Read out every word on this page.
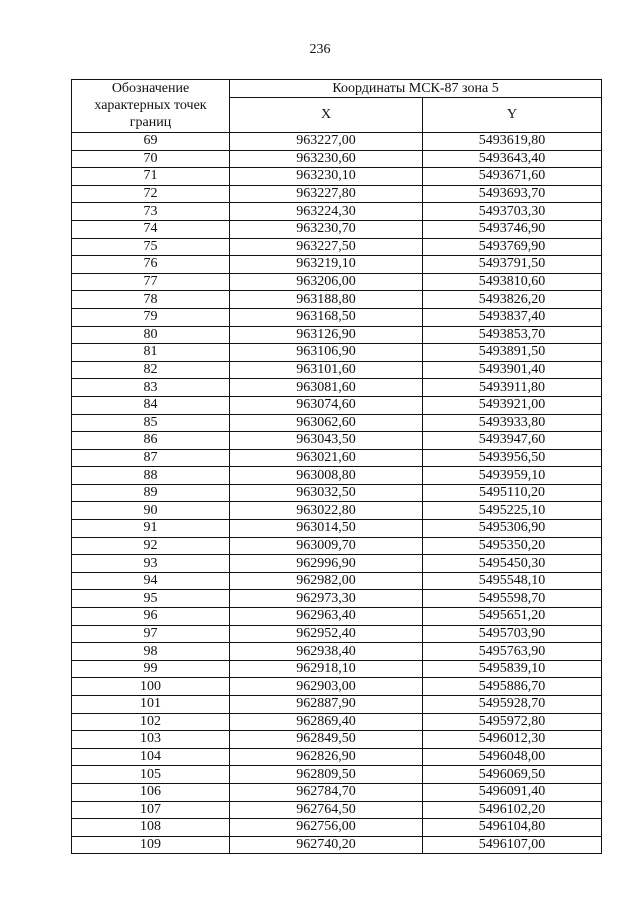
236
Обозначение
характерных точек
границ	Координаты МСК-87 зона 5	
	X	Y
69	963227,00	5493619,80
70	963230,60	5493643,40
71	963230,10	5493671,60
72	963227,80	5493693,70
73	963224,30	5493703,30
74	963230,70	5493746,90
75	963227,50	5493769,90
76	963219,10	5493791,50
77	963206,00	5493810,60
78	963188,80	5493826,20
79	963168,50	5493837,40
80	963126,90	5493853,70
81	963106,90	5493891,50
82	963101,60	5493901,40
83	963081,60	5493911,80
84	963074,60	5493921,00
85	963062,60	5493933,80
86	963043,50	5493947,60
87	963021,60	5493956,50
88	963008,80	5493959,10
89	963032,50	5495110,20
90	963022,80	5495225,10
91	963014,50	5495306,90
92	963009,70	5495350,20
93	962996,90	5495450,30
94	962982,00	5495548,10
95	962973,30	5495598,70
96	962963,40	5495651,20
97	962952,40	5495703,90
98	962938,40	5495763,90
99	962918,10	5495839,10
100	962903,00	5495886,70
101	962887,90	5495928,70
102	962869,40	5495972,80
103	962849,50	5496012,30
104	962826,90	5496048,00
105	962809,50	5496069,50
106	962784,70	5496091,40
107	962764,50	5496102,20
108	962756,00	5496104,80
109	962740,20	5496107,00
